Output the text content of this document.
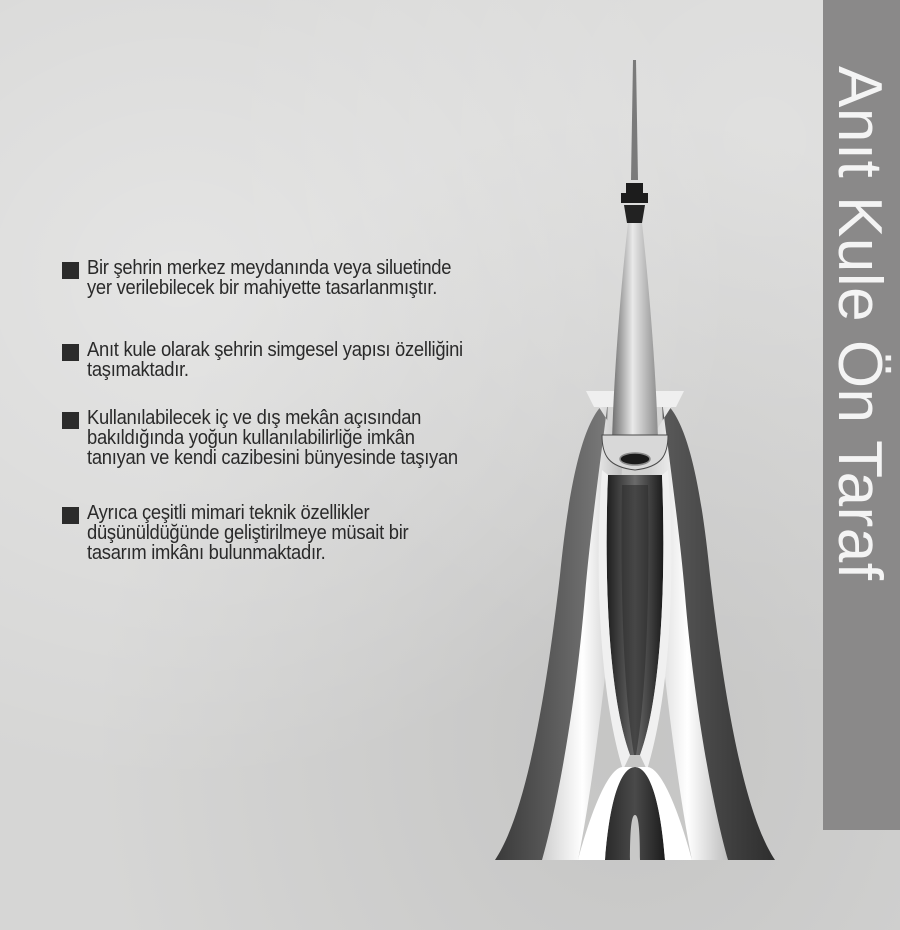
Bir şehrin merkez meydanında veya siluetinde
yer verilebilecek bir mahiyette tasarlanmıştır.
Anıt kule olarak şehrin simgesel yapısı özelliğini
taşımaktadır.
Kullanılabilecek iç ve dış mekân açısından
bakıldığında yoğun kullanılabilirliğe imkân
tanıyan ve kendi cazibesini bünyesinde taşıyan
Ayrıca çeşitli mimari teknik özellikler
düşünüldüğünde geliştirilmeye müsait bir
tasarım imkânı bulunmaktadır.	Anıt Kule Ön Taraf
